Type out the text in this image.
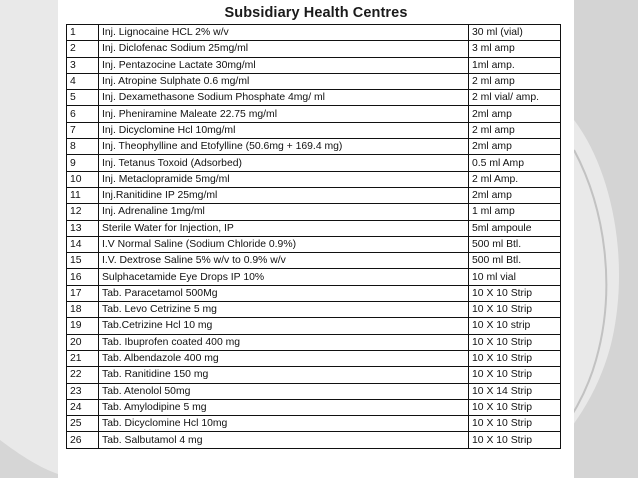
Subsidiary Health Centres
1	Inj. Lignocaine HCL 2% w/v	30 ml (vial)
2	Inj. Diclofenac Sodium 25mg/ml	3 ml amp
3	Inj. Pentazocine Lactate 30mg/ml	1ml amp.
4	Inj. Atropine Sulphate 0.6 mg/ml	2 ml amp
5	Inj. Dexamethasone Sodium Phosphate 4mg/ ml	2 ml vial/ amp.
6	Inj. Pheniramine Maleate 22.75 mg/ml	2ml amp
7	Inj. Dicyclomine Hcl 10mg/ml	2 ml amp
8	Inj. Theophylline and Etofylline (50.6mg + 169.4 mg)	2ml amp
9	Inj. Tetanus Toxoid (Adsorbed)	0.5 ml Amp
10	Inj. Metaclopramide 5mg/ml	2 ml Amp.
11	Inj.Ranitidine IP 25mg/ml	2ml amp
12	Inj. Adrenaline 1mg/ml	1 ml amp
13	Sterile Water for Injection, IP	5ml ampoule
14	I.V Normal Saline (Sodium Chloride 0.9%)	500 ml Btl.
15	I.V. Dextrose Saline 5% w/v to 0.9% w/v	500 ml Btl.
16	Sulphacetamide Eye Drops IP 10%	10 ml vial
17	Tab. Paracetamol 500Mg	10 X 10 Strip
18	Tab. Levo Cetrizine 5 mg	10 X 10 Strip
19	Tab.Cetrizine Hcl 10 mg	10 X 10 strip
20	Tab. Ibuprofen coated 400 mg	10 X 10 Strip
21	Tab. Albendazole 400 mg	10 X 10 Strip
22	Tab. Ranitidine 150 mg	10 X 10 Strip
23	Tab. Atenolol 50mg	10 X 14 Strip
24	Tab. Amylodipine 5 mg	10 X 10 Strip
25	Tab. Dicyclomine Hcl 10mg	10 X 10 Strip
26	Tab. Salbutamol 4 mg	10 X 10 Strip
